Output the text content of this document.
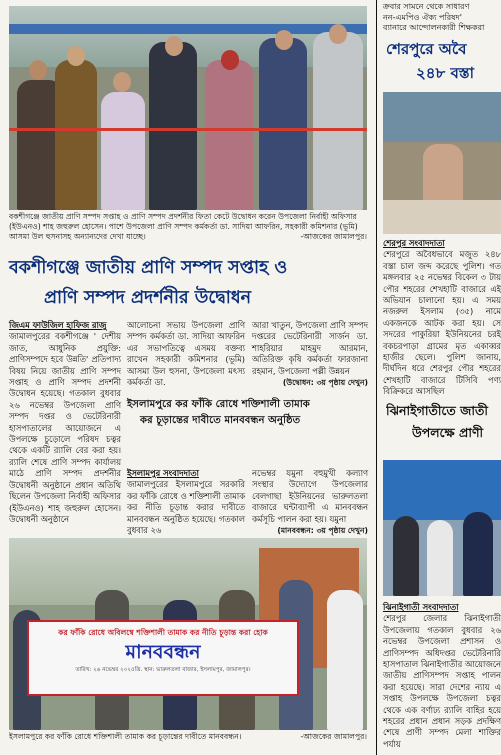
বকশীগঞ্জে জাতীয় প্রাণি সম্পদ সপ্তাহ ও প্রাণি সম্পদ প্রদর্শনীর ফিতা কেটে উদ্বোধন করেন উপজেলা নির্বাহী অফিসার (ইউএনও) শাহ জহুরুল হোসেন। পাশে উপজেলা প্রাণি সম্পদ কর্মকর্তা ডা. সাদিয়া আফরিন, সহকারী কমিশনার (ভূমি) আসমা উল হুসনাসহ অন্যান্যদের দেখা যাচ্ছে।	-আজকের জামালপুর।
বকশীগঞ্জে জাতীয় প্রাণি সম্পদ সপ্তাহ ও
প্রাণি সম্পদ প্রদর্শনীর উদ্বোধন
জিএম ফাউজিল হাফিজ রাজু
জামালপুরের বকশীগঞ্জে ' দেশীয় জাত, আধুনিক প্রযুক্তি: প্রাণিসম্পদে হবে উন্নতি' প্রতিপাদ্য বিষয় নিয়ে জাতীয় প্রাণি সম্পদ সপ্তাহ ও প্রাণি সম্পদ প্রদর্শনী উদ্বোধন হয়েছে। গতকাল বুধবার ২৬ নভেম্বর উপজেলা প্রাণি সম্পদ দপ্তর ও ভেটেরিনারী হাসপাতালের আয়োজনে এ উপলক্ষে চুড়োলে পরিষদ চত্বর থেকে একটি র‍্যালি বের করা হয়। র‍্যালি শেষে প্রাণি সম্পদ কার্যালয় মাঠে প্রাণি সম্পদ প্রদর্শনীর উদ্বোধনী অনুষ্ঠানে প্রধান অতিথি ছিলেন উপজেলা নির্বাহী অফিসার (ইউএনও) শাহ জহুরুল হোসেন। উদ্বোধনী অনুষ্ঠানে
আলোচনা সভায় উপজেলা প্রাণি সম্পদ কর্মকর্তা ডা. সাদিয়া আফরিন এর সভাপতিত্বে এসময় বক্তব্য রাখেন সহকারী কমিশনার (ভূমি) আসমা উল হুসনা, উপজেলা মৎস্য কর্মকর্তা ডা.
আরা খাতুন, উপজেলা প্রাণি সম্পদ দপ্তরের ভেটেরিনারী সার্জন ডা. শাহরিয়ার মাহমুদ আরমান, অতিরিক্ত কৃষি কর্মকর্তা ফারজানা রহমান, উপজেলা পল্লী উন্নয়ন
(উদ্বোধন: ৩য় পৃষ্ঠায় দেখুন)
ইসলামপুরে কর ফাঁকি রোধে শক্তিশালী তামাক
কর চূড়ান্তের দাবীতে মানববন্ধন অনুষ্ঠিত
ইসলামপুর সংবাদদাতা
জামালপুরের ইসলামপুরে সরকারি কর ফাঁকি রোধে ও শক্তিশালী তামাক কর নীতি চূড়ান্ত করার দাবীতে মানববন্ধন অনুষ্ঠিত হয়েছে। গতকাল বুধবার ২৬
নভেম্বর যমুনা বহুমুখী কল্যাণ সংস্থার উদ্যোগে উপজেলার বেলগাছা ইউনিয়নের ভারুলতলা বাজারে ঘন্টাব্যাপী এ মানববন্ধন কর্মসূচি পালন করা হয়। যমুনা
(মানববন্ধন: ৩য় পৃষ্ঠায় দেখুন)
কর ফাঁকি রোধে অবিলম্বে শক্তিশালী তামাক কর নীতি চূড়ান্ত করা হোক
মানববন্ধন
তারিখ: ২৬ নভেম্বর ২০২৫খ্রি. স্থান: ভারুলতলা বাজার, ইসলামপুর, জামালপুর।
ইসলামপুরে কর ফাঁকি রোধে শক্তিশালী তামাক কর চূড়ান্তের দাবীতে মানববন্ধন।	-আজকের জামালপুর।
ক্রবার সামনে থেকে সাধারণ
নন-এমপিও ঐক্য পরিষদ'
ব্যানারে আন্দোলনকারী শিক্ষকরা
শেরপুরে অবৈ
২৪৮ বস্তা
শেরপুর সংবাদদাতা
শেরপুরে অবৈধভাবে মজুত ২৪৮ বস্তা চাল জব্দ করেছে পুলিশ। গত মঙ্গলবার ২৫ নভেম্বর বিকেল ৩ টায় পৌর শহরের শেখহাটি বাজারে এই অভিযান চালানো হয়। এ সময় নজরুল ইসলাম (৩৫) নামে একজনকে আটক করা হয়। সে সদরের পাকুরিয়া ইউনিয়নের চরই বকচরপাড়া গ্রামের মৃত একাব্বর হাজীর ছেলে। পুলিশ জানায়, দীর্ঘদিন ধরে শেরপুর পৌর শহরের শেখহাটি বাজারে টিসিবি পণ্য বিক্রিকরে আসছিল
ঝিনাইগাতীতে জাতী
উপলক্ষে প্রাণী
ঝিনাইগাতী সংবাদদাতা
শেরপুর জেলার ঝিনাইগাতী উপজেলায় গতকাল বুধবার ২৬ নভেম্বর উপজেলা প্রশাসন ও প্রাণিসম্পদ অধিদপ্তর ভেটেরিনারি হাসপাতাল ঝিনাইগাতীর আয়োজনে জাতীয় প্রাণিসম্পদ সপ্তাহ পালন করা হয়েছে। সারা দেশের ন্যায় এ সপ্তাহ উপলক্ষে উপজেলা চত্বর থেকে এক বর্ণাঢ্য র‍্যালি বাহির হয়ে শহরের প্রধান প্রধান সড়ক প্রদক্ষিণ শেষে প্রাণী সম্পদ মেলা শাক্তির পর্যায়
